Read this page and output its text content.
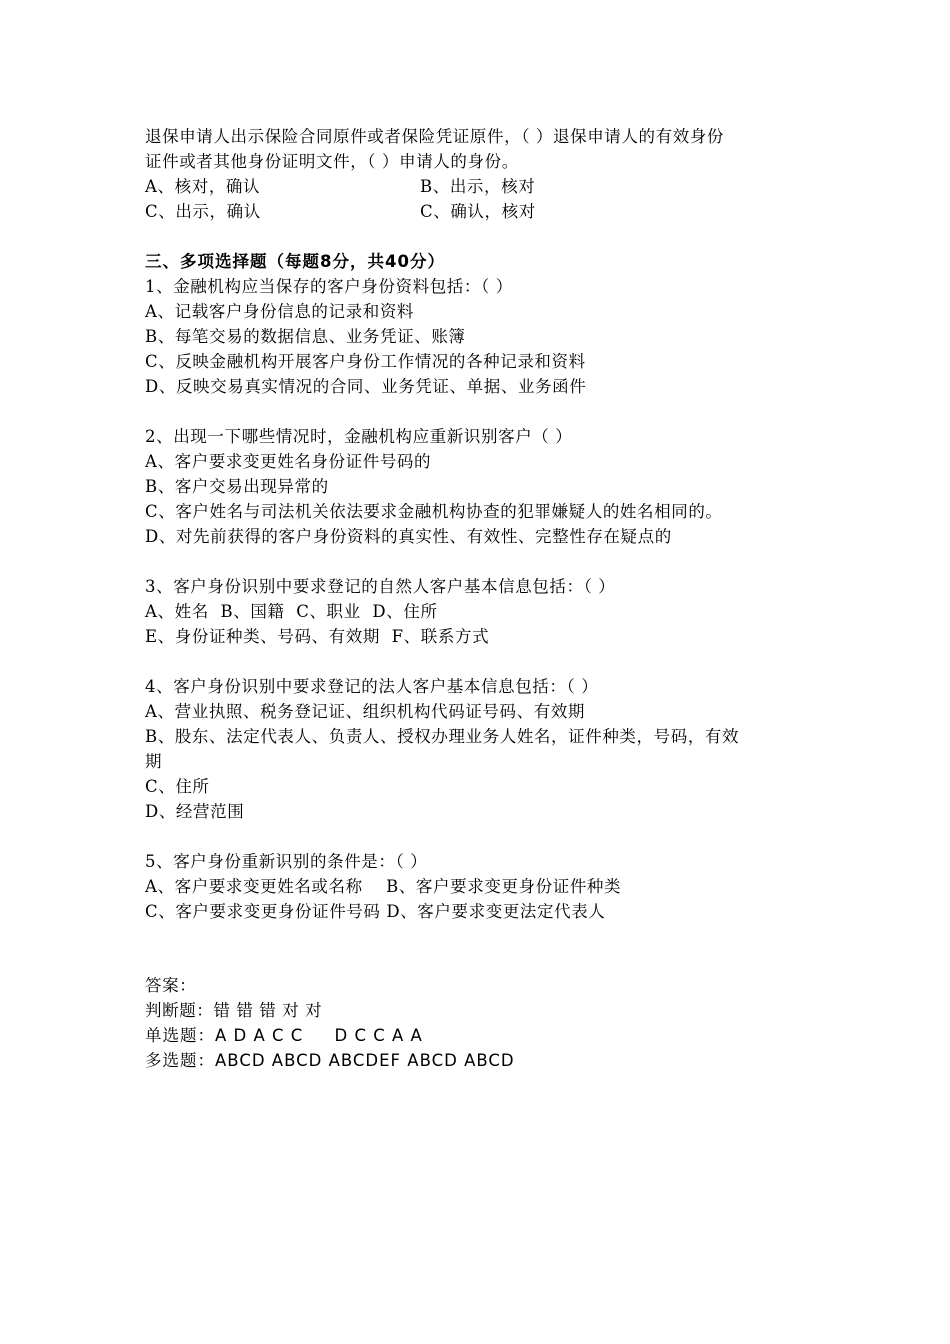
退保申请人出示保险合同原件或者保险凭证原件，（ ）退保申请人的有效身份
证件或者其他身份证明文件，（ ）申请人的身份。
A、核对，确认	B、出示，核对
C、出示，确认	C、确认，核对
三、多项选择题（每题8分，共40分）
1、金融机构应当保存的客户身份资料包括：（ ）
A、记载客户身份信息的记录和资料
B、每笔交易的数据信息、业务凭证、账簿
C、反映金融机构开展客户身份工作情况的各种记录和资料
D、反映交易真实情况的合同、业务凭证、单据、业务函件
2、出现一下哪些情况时，金融机构应重新识别客户（ ）
A、客户要求变更姓名身份证件号码的
B、客户交易出现异常的
C、客户姓名与司法机关依法要求金融机构协查的犯罪嫌疑人的姓名相同的。
D、对先前获得的客户身份资料的真实性、有效性、完整性存在疑点的
3、客户身份识别中要求登记的自然人客户基本信息包括：（ ）
A、姓名  B、国籍  C、职业  D、住所
E、身份证种类、号码、有效期  F、联系方式
4、客户身份识别中要求登记的法人客户基本信息包括：（ ）
A、营业执照、税务登记证、组织机构代码证号码、有效期
B、股东、法定代表人、负责人、授权办理业务人姓名，证件种类，号码，有效
期
C、住所
D、经营范围
5、客户身份重新识别的条件是：（ ）
A、客户要求变更姓名或名称    B、客户要求变更身份证件种类
C、客户要求变更身份证件号码 D、客户要求变更法定代表人
答案：
判断题：错 错 错 对 对
单选题：A D A C C     D C C A A
多选题：ABCD ABCD ABCDEF ABCD ABCD
